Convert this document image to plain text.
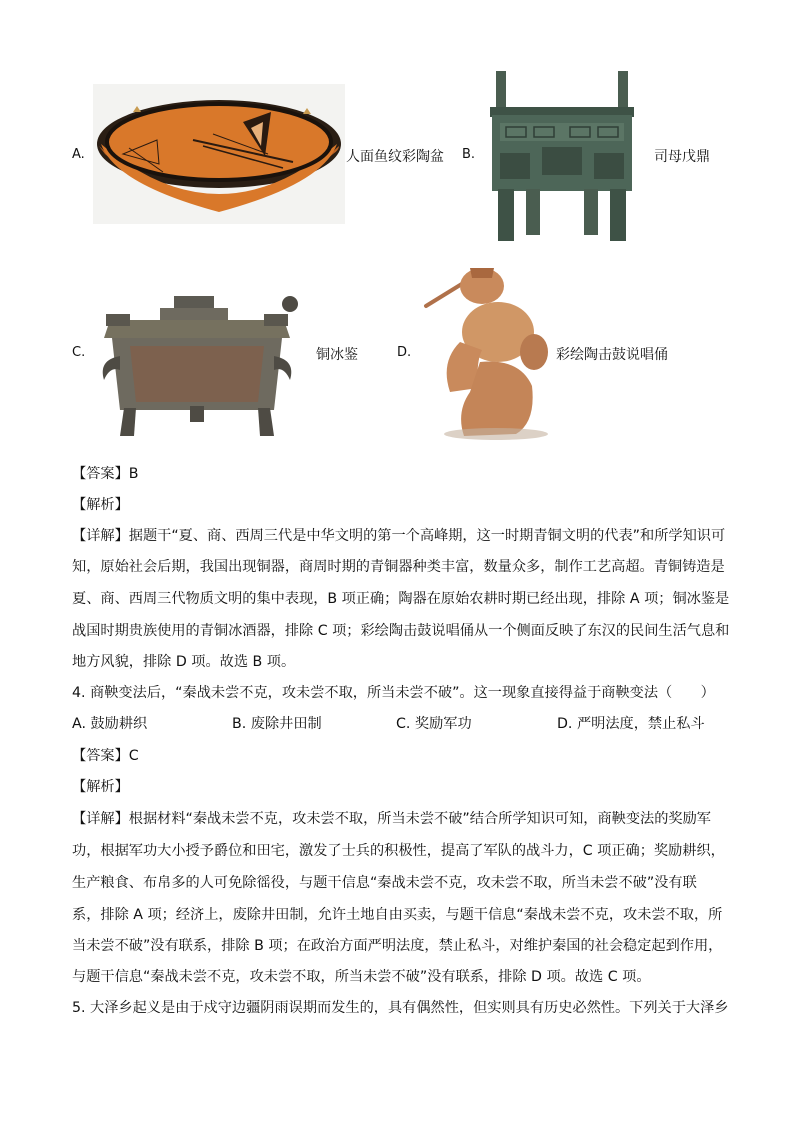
A.	人面鱼纹彩陶盆 B.	司母戊鼎
C.	铜冰鉴	D.	彩绘陶击鼓说唱俑
【答案】B
【解析】
【详解】据题干“夏、商、西周三代是中华文明的第一个高峰期，这一时期青铜文明的代表”和所学知识可
知，原始社会后期，我国出现铜器，商周时期的青铜器种类丰富，数量众多，制作工艺高超。青铜铸造是
夏、商、西周三代物质文明的集中表现，B 项正确；陶器在原始农耕时期已经出现，排除 A 项；铜冰鉴是
战国时期贵族使用的青铜冰酒器，排除 C 项；彩绘陶击鼓说唱俑从一个侧面反映了东汉的民间生活气息和
地方风貌，排除 D 项。故选 B 项。
4. 商鞅变法后，“秦战未尝不克，攻未尝不取，所当未尝不破”。这一现象直接得益于商鞅变法（　　）
A. 鼓励耕织	B. 废除井田制	C. 奖励军功	D. 严明法度，禁止私斗
【答案】C
【解析】
【详解】根据材料“秦战未尝不克，攻未尝不取，所当未尝不破”结合所学知识可知，商鞅变法的奖励军
功，根据军功大小授予爵位和田宅，激发了士兵的积极性，提高了军队的战斗力，C 项正确；奖励耕织，
生产粮食、布帛多的人可免除徭役，与题干信息“秦战未尝不克，攻未尝不取，所当未尝不破”没有联
系，排除 A 项；经济上，废除井田制，允许土地自由买卖，与题干信息“秦战未尝不克，攻未尝不取，所
当未尝不破”没有联系，排除 B 项；在政治方面严明法度，禁止私斗，对维护秦国的社会稳定起到作用，
与题干信息“秦战未尝不克，攻未尝不取，所当未尝不破”没有联系，排除 D 项。故选 C 项。
5. 大泽乡起义是由于戍守边疆阴雨误期而发生的，具有偶然性，但实则具有历史必然性。下列关于大泽乡
